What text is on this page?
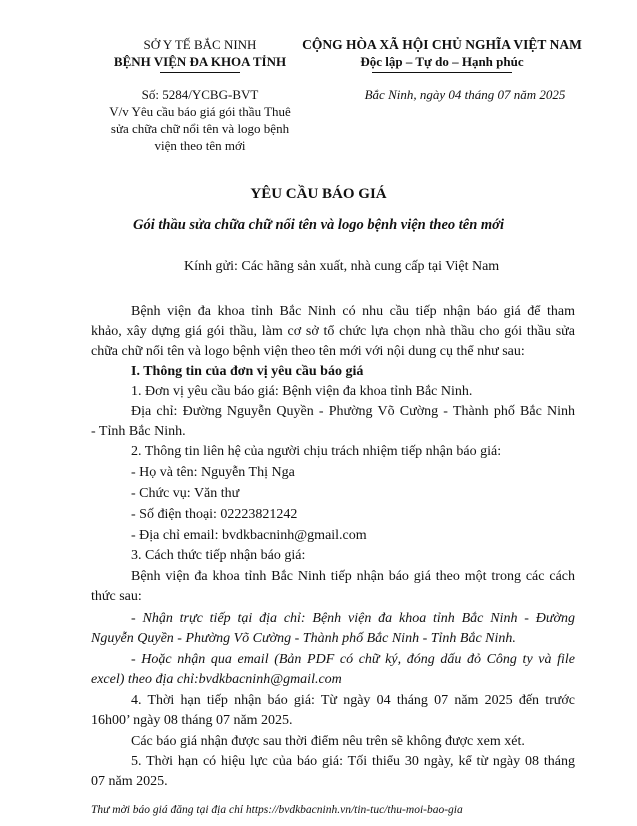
SỞ Y TẾ BẮC NINH
BỆNH VIỆN ĐA KHOA TỈNH
Số: 5284/YCBG-BVT
V/v Yêu cầu báo giá gói thầu Thuê
sửa chữa chữ nổi tên và logo bệnh
viện theo tên mới
CỘNG HÒA XÃ HỘI CHỦ NGHĨA VIỆT NAM
Độc lập – Tự do – Hạnh phúc
Bắc Ninh, ngày 04 tháng 07 năm 2025
YÊU CẦU BÁO GIÁ
Gói thầu sửa chữa chữ nổi tên và logo bệnh viện theo tên mới
Kính gửi: Các hãng sản xuất, nhà cung cấp tại Việt Nam
Bệnh viện đa khoa tỉnh Bắc Ninh có nhu cầu tiếp nhận báo giá để tham
khảo, xây dựng giá gói thầu, làm cơ sở tổ chức lựa chọn nhà thầu cho gói thầu sửa
chữa chữ nổi tên và logo bệnh viện theo tên mới với nội dung cụ thể như sau:
I. Thông tin của đơn vị yêu cầu báo giá
1. Đơn vị yêu cầu báo giá: Bệnh viện đa khoa tỉnh Bắc Ninh.
Địa chỉ: Đường Nguyễn Quyền - Phường Võ Cường - Thành phố Bắc Ninh
- Tỉnh Bắc Ninh.
2. Thông tin liên hệ của người chịu trách nhiệm tiếp nhận báo giá:
- Họ và tên: Nguyễn Thị Nga
- Chức vụ: Văn thư
- Số điện thoại: 02223821242
- Địa chỉ email: bvdkbacninh@gmail.com
3. Cách thức tiếp nhận báo giá:
Bệnh viện đa khoa tỉnh Bắc Ninh tiếp nhận báo giá theo một trong các cách
thức sau:
- Nhận trực tiếp tại địa chỉ: Bệnh viện đa khoa tỉnh Bắc Ninh - Đường
Nguyễn Quyền - Phường Võ Cường - Thành phố Bắc Ninh - Tỉnh Bắc Ninh.
- Hoặc nhận qua email (Bản PDF có chữ ký, đóng dấu đỏ Công ty và file
excel) theo địa chỉ:bvdkbacninh@gmail.com
4. Thời hạn tiếp nhận báo giá: Từ ngày 04 tháng 07 năm 2025 đến trước
16h00’ ngày 08 tháng 07 năm 2025.
Các báo giá nhận được sau thời điểm nêu trên sẽ không được xem xét.
5. Thời hạn có hiệu lực của báo giá: Tối thiểu 30 ngày, kể từ ngày 08 tháng
07 năm 2025.
Thư mời báo giá đăng tại địa chỉ https://bvdkbacninh.vn/tin-tuc/thu-moi-bao-gia
